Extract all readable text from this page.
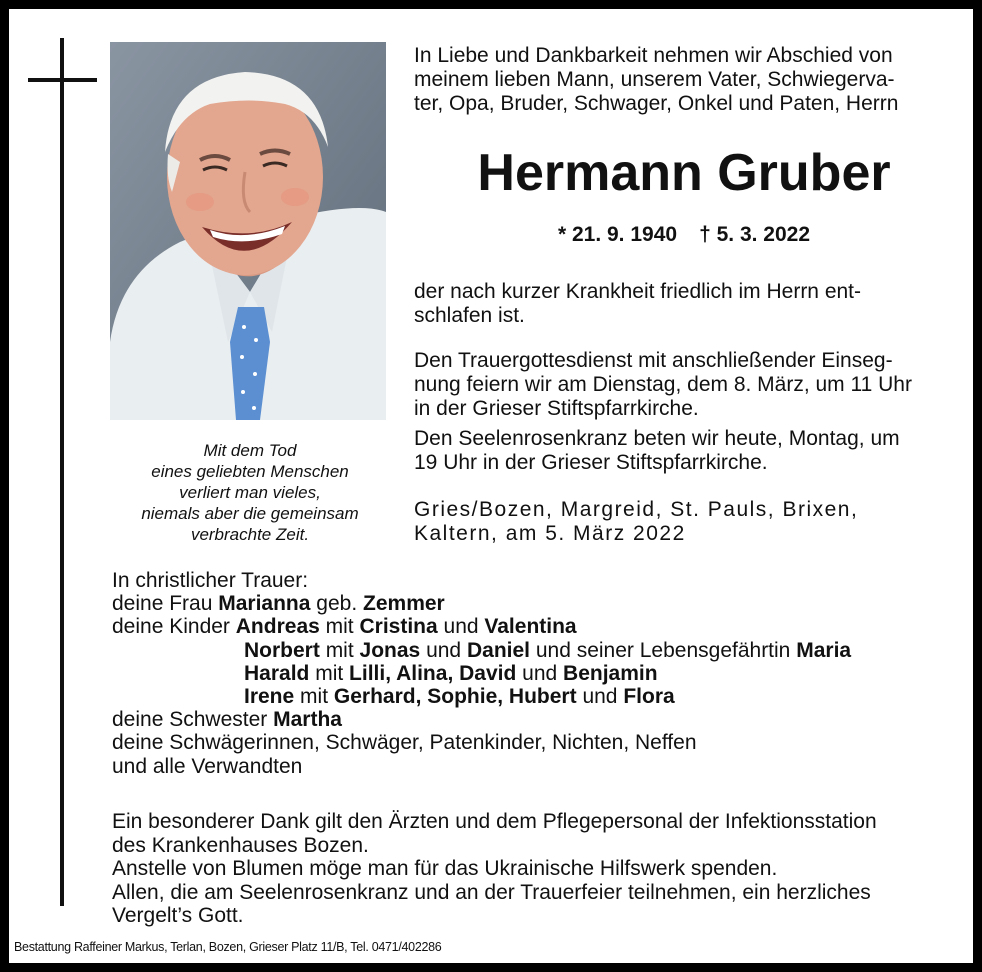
Mit dem Tod
eines geliebten Menschen
verliert man vieles,
niemals aber die gemeinsam
verbrachte Zeit.

In Liebe und Dankbarkeit nehmen wir Abschied von
meinem lieben Mann, unserem Vater, Schwiegerva-
ter, Opa, Bruder, Schwager, Onkel und Paten, Herrn

Hermann Gruber
* 21. 9. 1940 † 5. 3. 2022

der nach kurzer Krankheit friedlich im Herrn ent-
schlafen ist.

Den Trauergottesdienst mit anschließender Einseg-
nung feiern wir am Dienstag, dem 8. März, um 11 Uhr
in der Grieser Stiftspfarrkirche.

Den Seelenrosenkranz beten wir heute, Montag, um
19 Uhr in der Grieser Stiftspfarrkirche.

Gries/Bozen, Margreid, St. Pauls, Brixen,
Kaltern, am 5. März 2022

In christlicher Trauer:
deine Frau Marianna geb. Zemmer
deine Kinder Andreas mit Cristina und Valentina
Norbert mit Jonas und Daniel und seiner Lebensgefährtin Maria
Harald mit Lilli, Alina, David und Benjamin
Irene mit Gerhard, Sophie, Hubert und Flora
deine Schwester Martha
deine Schwägerinnen, Schwäger, Patenkinder, Nichten, Neffen
und alle Verwandten

Ein besonderer Dank gilt den Ärzten und dem Pflegepersonal der Infektionsstation
des Krankenhauses Bozen.
Anstelle von Blumen möge man für das Ukrainische Hilfswerk spenden.
Allen, die am Seelenrosenkranz und an der Trauerfeier teilnehmen, ein herzliches
Vergelt’s Gott.

Bestattung Raffeiner Markus, Terlan, Bozen, Grieser Platz 11/B, Tel. 0471/402286
